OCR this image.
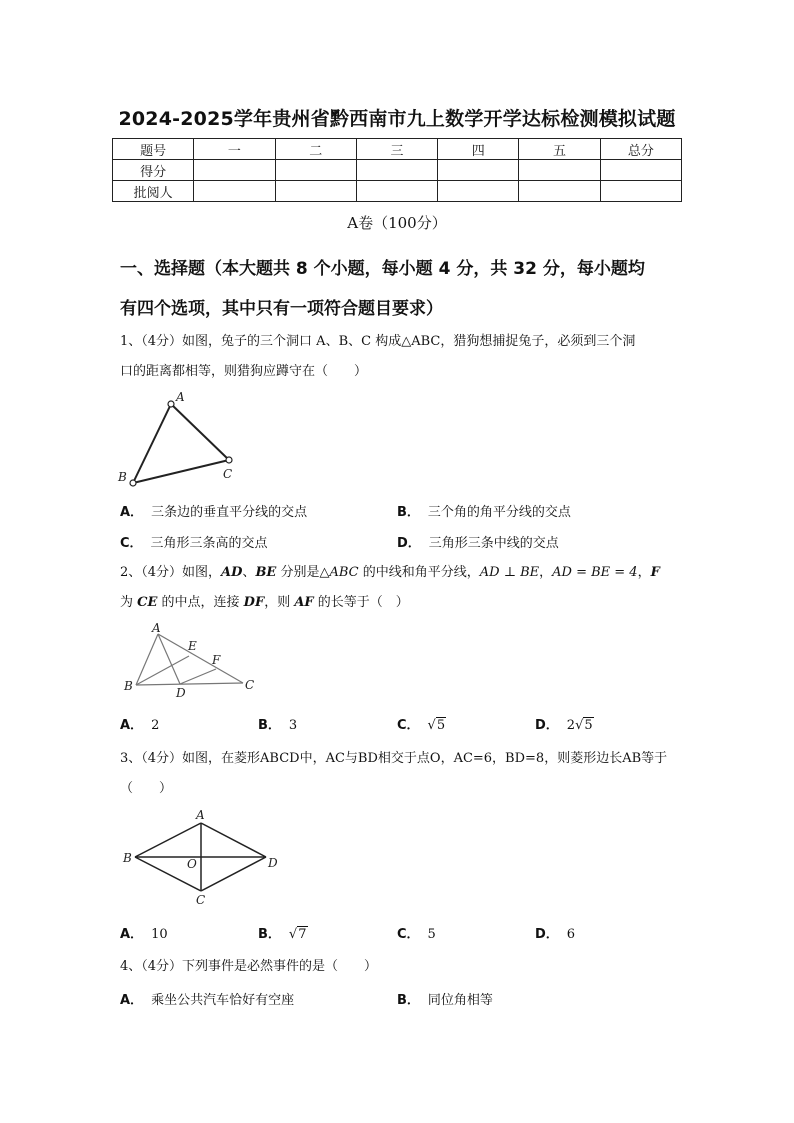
2024-2025学年贵州省黔西南市九上数学开学达标检测模拟试题
题号	一	二	三	四	五	总分
得分						
批阅人						
A卷（100分）
一、选择题（本大题共 8 个小题，每小题 4 分，共 32 分，每小题均
有四个选项，其中只有一项符合题目要求）
1、（4分）如图，兔子的三个洞口 A、B、C 构成△ABC，猎狗想捕捉兔子，必须到三个洞
口的距离都相等，则猎狗应蹲守在（　　）
A
B	C
A． 三条边的垂直平分线的交点	B． 三个角的角平分线的交点
C． 三角形三条高的交点	D． 三角形三条中线的交点
2、（4分）如图，AD、BE 分别是△ABC 的中线和角平分线，AD ⊥ BE，AD = BE = 4，F
为 CE 的中点，连接 DF，则 AF 的长等于（　）
A
E
F
B	D
C
A． 2	B． 3	C． √5	D． 2√5
3、（4分）如图，在菱形ABCD中，AC与BD相交于点O，AC=6，BD=8，则菱形边长AB等于
（　　）
A
B	O	D
C
A． 10	B． √7	C． 5	D． 6
4、（4分）下列事件是必然事件的是（　　）
A． 乘坐公共汽车恰好有空座	B． 同位角相等
